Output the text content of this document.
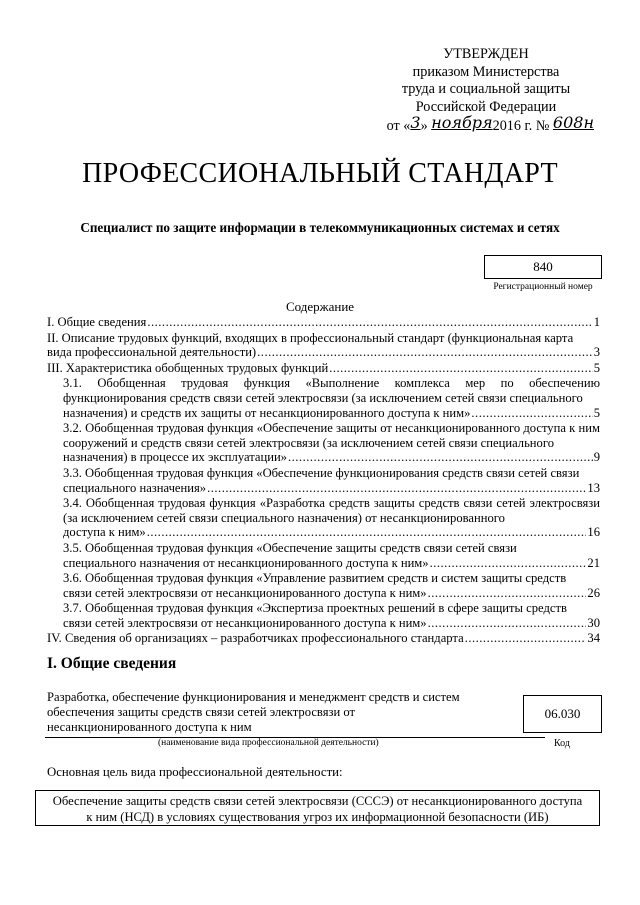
УТВЕРЖДЕН
приказом Министерства
труда и социальной защиты
Российской Федерации
от «3» ноября2016 г. № 608н
ПРОФЕССИОНАЛЬНЫЙ СТАНДАРТ
Специалист по защите информации в телекоммуникационных системах и сетях
840
Регистрационный номер
Содержание
I. Общие сведения .....	1
II. Описание трудовых функций, входящих в профессиональный стандарт (функциональная карта
вида профессиональной деятельности) .....	3
III. Характеристика обобщенных трудовых функций .....	5
3.1. Обобщенная трудовая функция «Выполнение комплекса мер по обеспечению функционирования средств связи сетей электросвязи (за исключением сетей связи специального
назначения) и средств их защиты от несанкционированного доступа к ним» .....	5
3.2. Обобщенная трудовая функция «Обеспечение защиты от несанкционированного доступа к ним сооружений и средств связи сетей электросвязи (за исключением сетей связи специального
назначения) в процессе их эксплуатации» .....	9
3.3. Обобщенная трудовая функция «Обеспечение функционирования средств связи сетей связи
специального назначения» .....	13
3.4. Обобщенная трудовая функция «Разработка средств защиты средств связи сетей электросвязи (за исключением сетей связи специального назначения) от несанкционированного
доступа к ним» .....	16
3.5. Обобщенная трудовая функция «Обеспечение защиты средств связи сетей связи
специального назначения от несанкционированного доступа к ним» .....	21
3.6. Обобщенная трудовая функция «Управление развитием средств и систем защиты средств
связи сетей электросвязи от несанкционированного доступа к ним» .....	26
3.7. Обобщенная трудовая функция «Экспертиза проектных решений в сфере защиты средств
связи сетей электросвязи от несанкционированного доступа к ним» .....	30
IV. Сведения об организациях – разработчиках профессионального стандарта .....	34
I. Общие сведения
Разработка, обеспечение функционирования и менеджмент средств и систем
обеспечения защиты средств связи сетей электросвязи от
несанкционированного доступа к ним
06.030
(наименование вида профессиональной деятельности)	Код
Основная цель вида профессиональной деятельности:
Обеспечение защиты средств связи сетей электросвязи (СССЭ) от несанкционированного доступа
к ним (НСД) в условиях существования угроз их информационной безопасности (ИБ)
